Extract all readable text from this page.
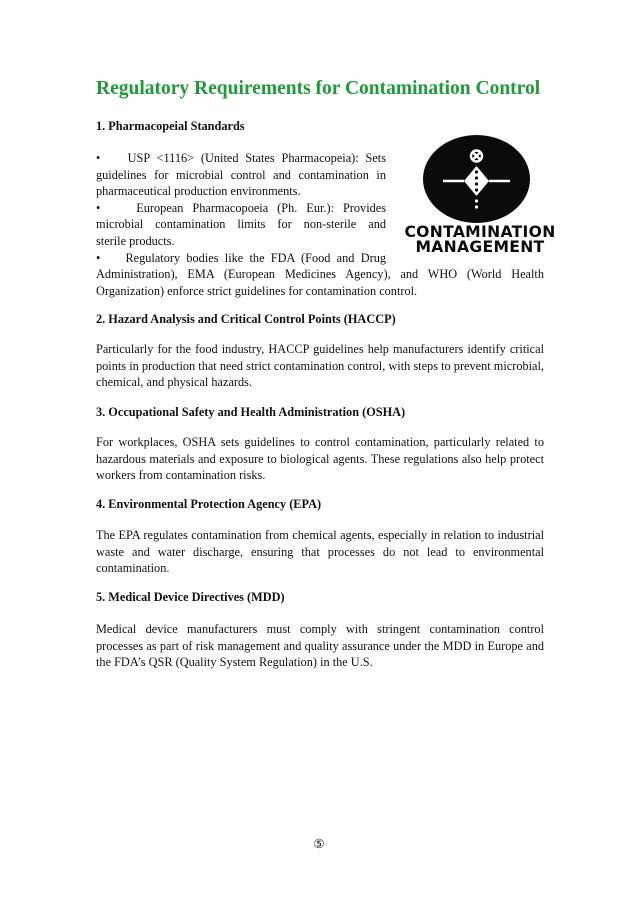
Regulatory Requirements for Contamination Control

1. Pharmacopeial Standards

•    USP <1116> (United States Pharmacopeia): Sets
guidelines for microbial control and contamination in
pharmaceutical production environments.
•    European Pharmacopoeia (Ph. Eur.): Provides
microbial contamination limits for non-sterile and
sterile products.
•    Regulatory bodies like the FDA (Food and Drug
Administration), EMA (European Medicines Agency), and WHO (World Health
Organization) enforce strict guidelines for contamination control.

2. Hazard Analysis and Critical Control Points (HACCP)

Particularly for the food industry, HACCP guidelines help manufacturers identify critical points in production that need strict contamination control, with steps to prevent microbial, chemical, and physical hazards.

3. Occupational Safety and Health Administration (OSHA)

For workplaces, OSHA sets guidelines to control contamination, particularly related to hazardous materials and exposure to biological agents. These regulations also help protect workers from contamination risks.

4. Environmental Protection Agency (EPA)

The EPA regulates contamination from chemical agents, especially in relation to industrial waste and water discharge, ensuring that processes do not lead to environmental contamination.

5. Medical Device Directives (MDD)

Medical device manufacturers must comply with stringent contamination control processes as part of risk management and quality assurance under the MDD in Europe and the FDA’s QSR (Quality System Regulation) in the U.S.

CONTAMINATION
MANAGEMENT
⑤
